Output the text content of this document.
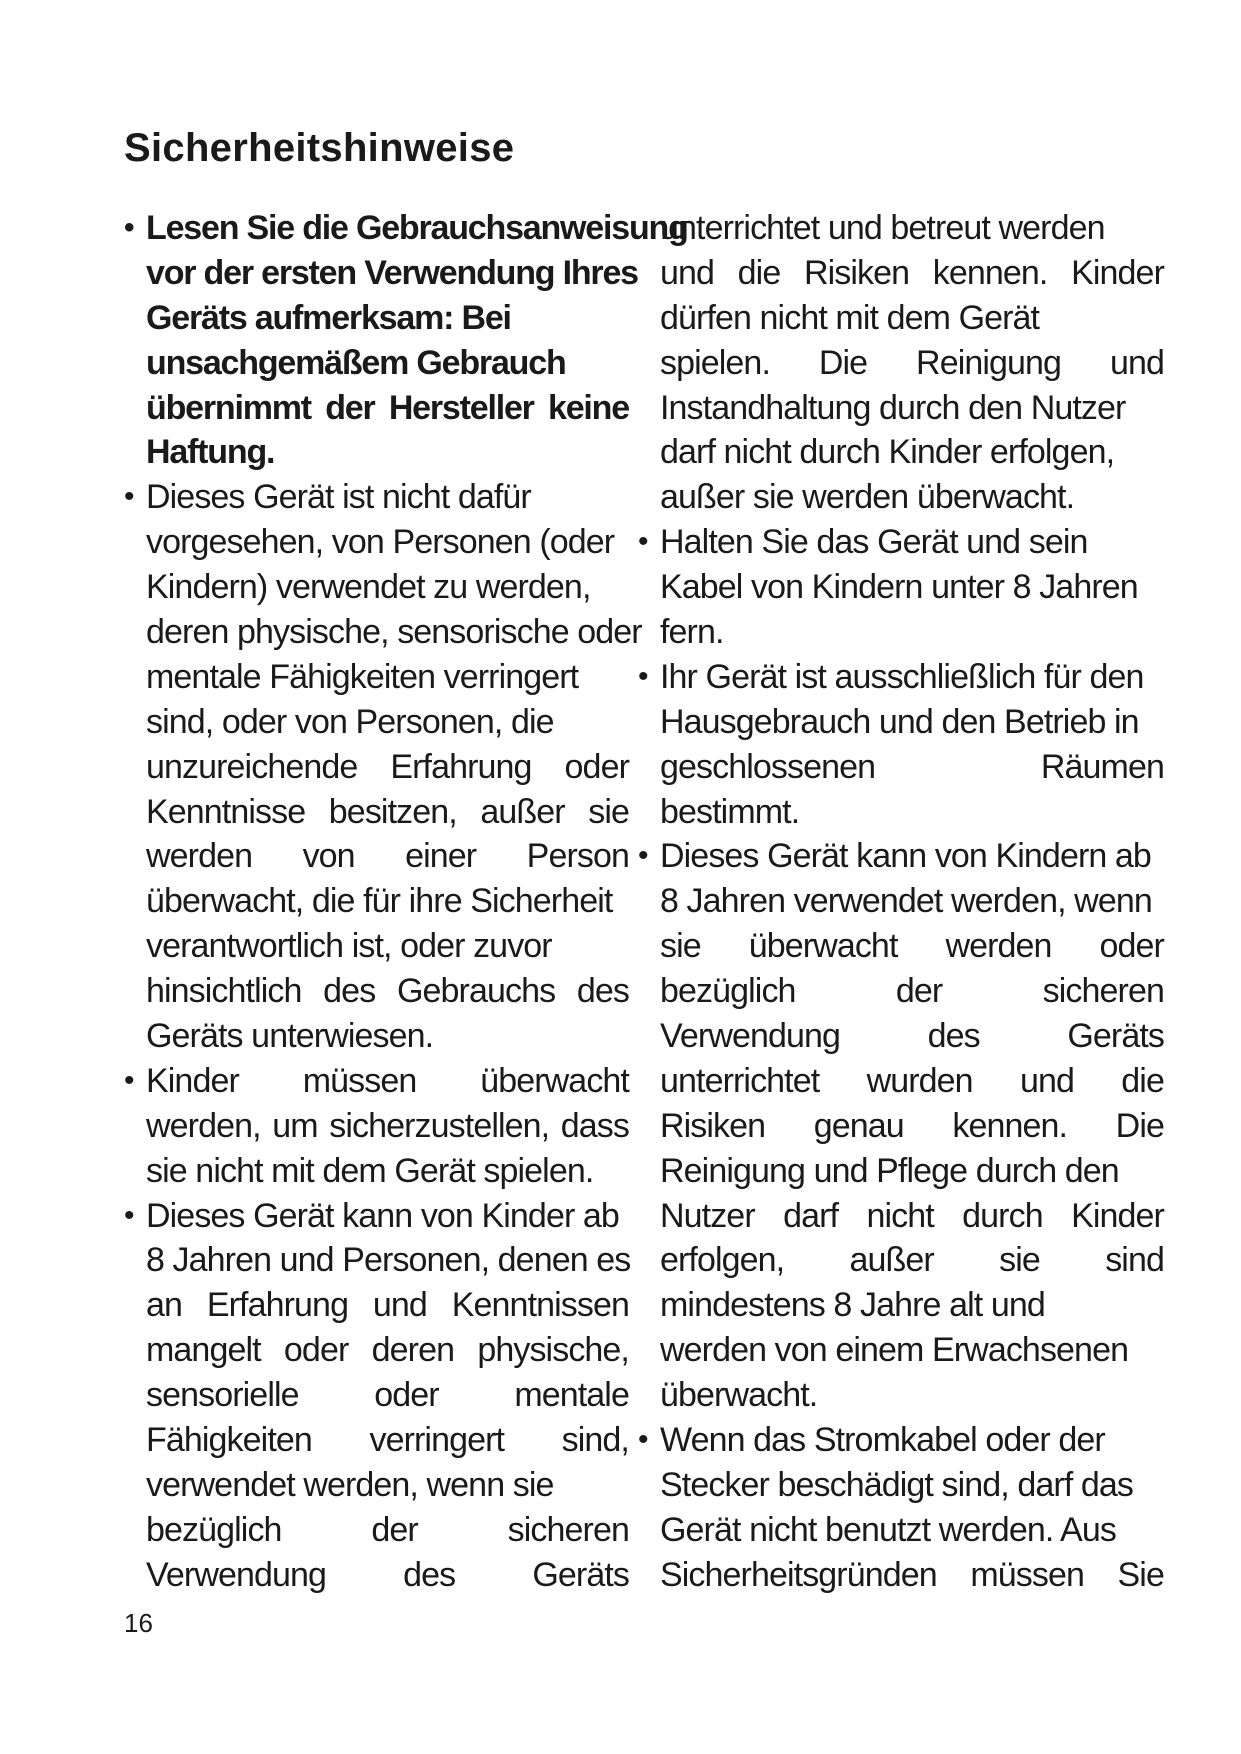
Sicherheitshinweise
• Lesen Sie die Gebrauchsanweisung
vor der ersten Verwendung Ihres
Geräts aufmerksam: Bei
unsachgemäßem Gebrauch
übernimmt der Hersteller keine
Haftung.
• Dieses Gerät ist nicht dafür
vorgesehen, von Personen (oder
Kindern) verwendet zu werden,
deren physische, sensorische oder
mentale Fähigkeiten verringert
sind, oder von Personen, die
unzureichende Erfahrung oder
Kenntnisse besitzen, außer sie
werden von einer Person
überwacht, die für ihre Sicherheit
verantwortlich ist, oder zuvor
hinsichtlich des Gebrauchs des
Geräts unterwiesen.
• Kinder müssen überwacht
werden, um sicherzustellen, dass
sie nicht mit dem Gerät spielen.
• Dieses Gerät kann von Kinder ab
8 Jahren und Personen, denen es
an Erfahrung und Kenntnissen
mangelt oder deren physische,
sensorielle oder mentale
Fähigkeiten verringert sind,
verwendet werden, wenn sie
bezüglich	der	sicheren
Verwendung des Geräts
unterrichtet und betreut werden
und die Risiken kennen. Kinder
dürfen nicht mit dem Gerät
spielen. Die Reinigung und
Instandhaltung durch den Nutzer
darf nicht durch Kinder erfolgen,
außer sie werden überwacht.
• Halten Sie das Gerät und sein
Kabel von Kindern unter 8 Jahren
fern.
• Ihr Gerät ist ausschließlich für den
Hausgebrauch und den Betrieb in
geschlossenen	Räumen
bestimmt.
• Dieses Gerät kann von Kindern ab
8 Jahren verwendet werden, wenn
sie überwacht werden oder
bezüglich	der	sicheren
Verwendung	des	Geräts
unterrichtet wurden und die
Risiken genau kennen. Die
Reinigung und Pflege durch den
Nutzer darf nicht durch Kinder
erfolgen, außer sie sind
mindestens 8 Jahre alt und
werden von einem Erwachsenen
überwacht.
• Wenn das Stromkabel oder der
Stecker beschädigt sind, darf das
Gerät nicht benutzt werden. Aus
Sicherheitsgründen müssen Sie
16
